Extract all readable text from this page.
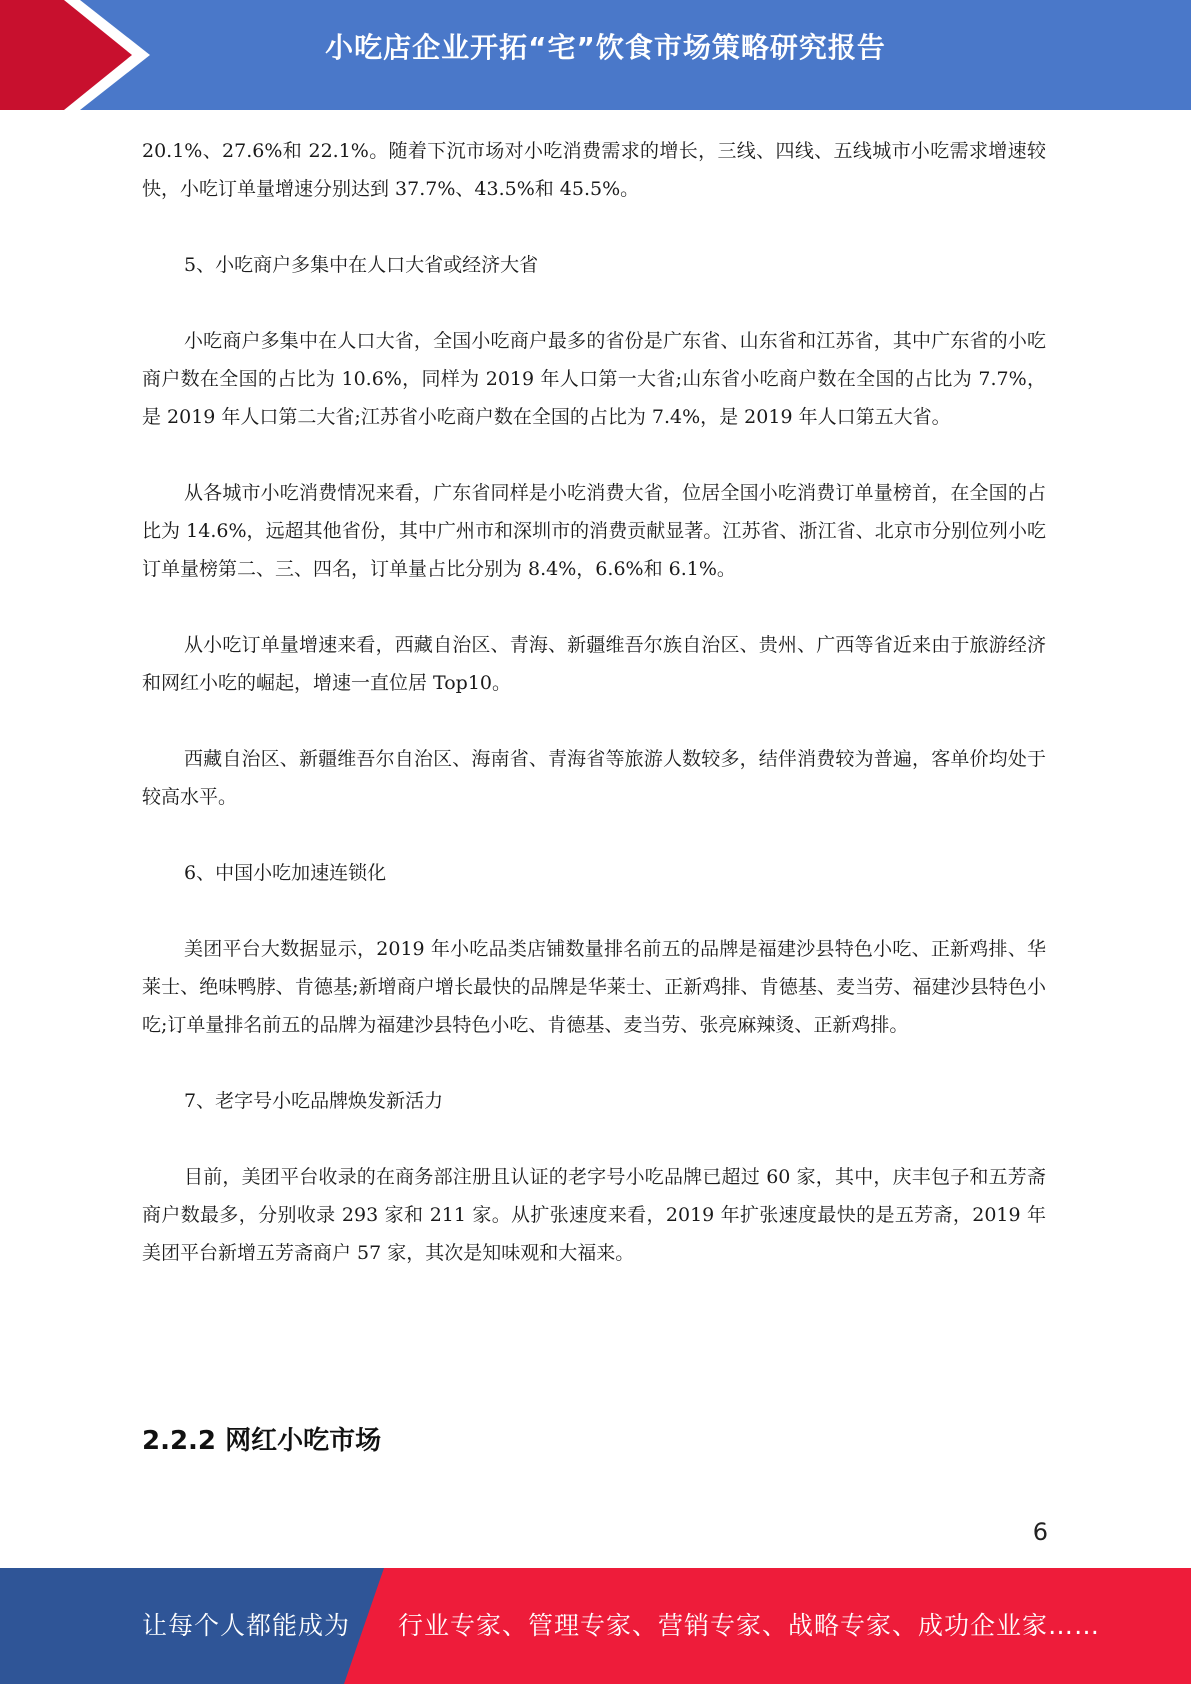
小吃店企业开拓“宅”饮食市场策略研究报告

20.1%、27.6%和 22.1%。随着下沉市场对小吃消费需求的增长，三线、四线、五线城市小吃需求增速较快，小吃订单量增速分别达到 37.7%、43.5%和 45.5%。

5、小吃商户多集中在人口大省或经济大省

小吃商户多集中在人口大省，全国小吃商户最多的省份是广东省、山东省和江苏省，其中广东省的小吃商户数在全国的占比为 10.6%，同样为 2019 年人口第一大省;山东省小吃商户数在全国的占比为 7.7%，是 2019 年人口第二大省;江苏省小吃商户数在全国的占比为 7.4%，是 2019 年人口第五大省。

从各城市小吃消费情况来看，广东省同样是小吃消费大省，位居全国小吃消费订单量榜首，在全国的占比为 14.6%，远超其他省份，其中广州市和深圳市的消费贡献显著。江苏省、浙江省、北京市分别位列小吃订单量榜第二、三、四名，订单量占比分别为 8.4%，6.6%和 6.1%。

从小吃订单量增速来看，西藏自治区、青海、新疆维吾尔族自治区、贵州、广西等省近来由于旅游经济和网红小吃的崛起，增速一直位居 Top10。

西藏自治区、新疆维吾尔自治区、海南省、青海省等旅游人数较多，结伴消费较为普遍，客单价均处于较高水平。

6、中国小吃加速连锁化

美团平台大数据显示，2019 年小吃品类店铺数量排名前五的品牌是福建沙县特色小吃、正新鸡排、华莱士、绝味鸭脖、肯德基;新增商户增长最快的品牌是华莱士、正新鸡排、肯德基、麦当劳、福建沙县特色小吃;订单量排名前五的品牌为福建沙县特色小吃、肯德基、麦当劳、张亮麻辣烫、正新鸡排。

7、老字号小吃品牌焕发新活力

目前，美团平台收录的在商务部注册且认证的老字号小吃品牌已超过 60 家，其中，庆丰包子和五芳斋商户数最多，分别收录 293 家和 211 家。从扩张速度来看，2019 年扩张速度最快的是五芳斋，2019 年美团平台新增五芳斋商户 57 家，其次是知味观和大福来。

2.2.2 网红小吃市场
6
让每个人都能成为 行业专家、管理专家、营销专家、战略专家、成功企业家……
